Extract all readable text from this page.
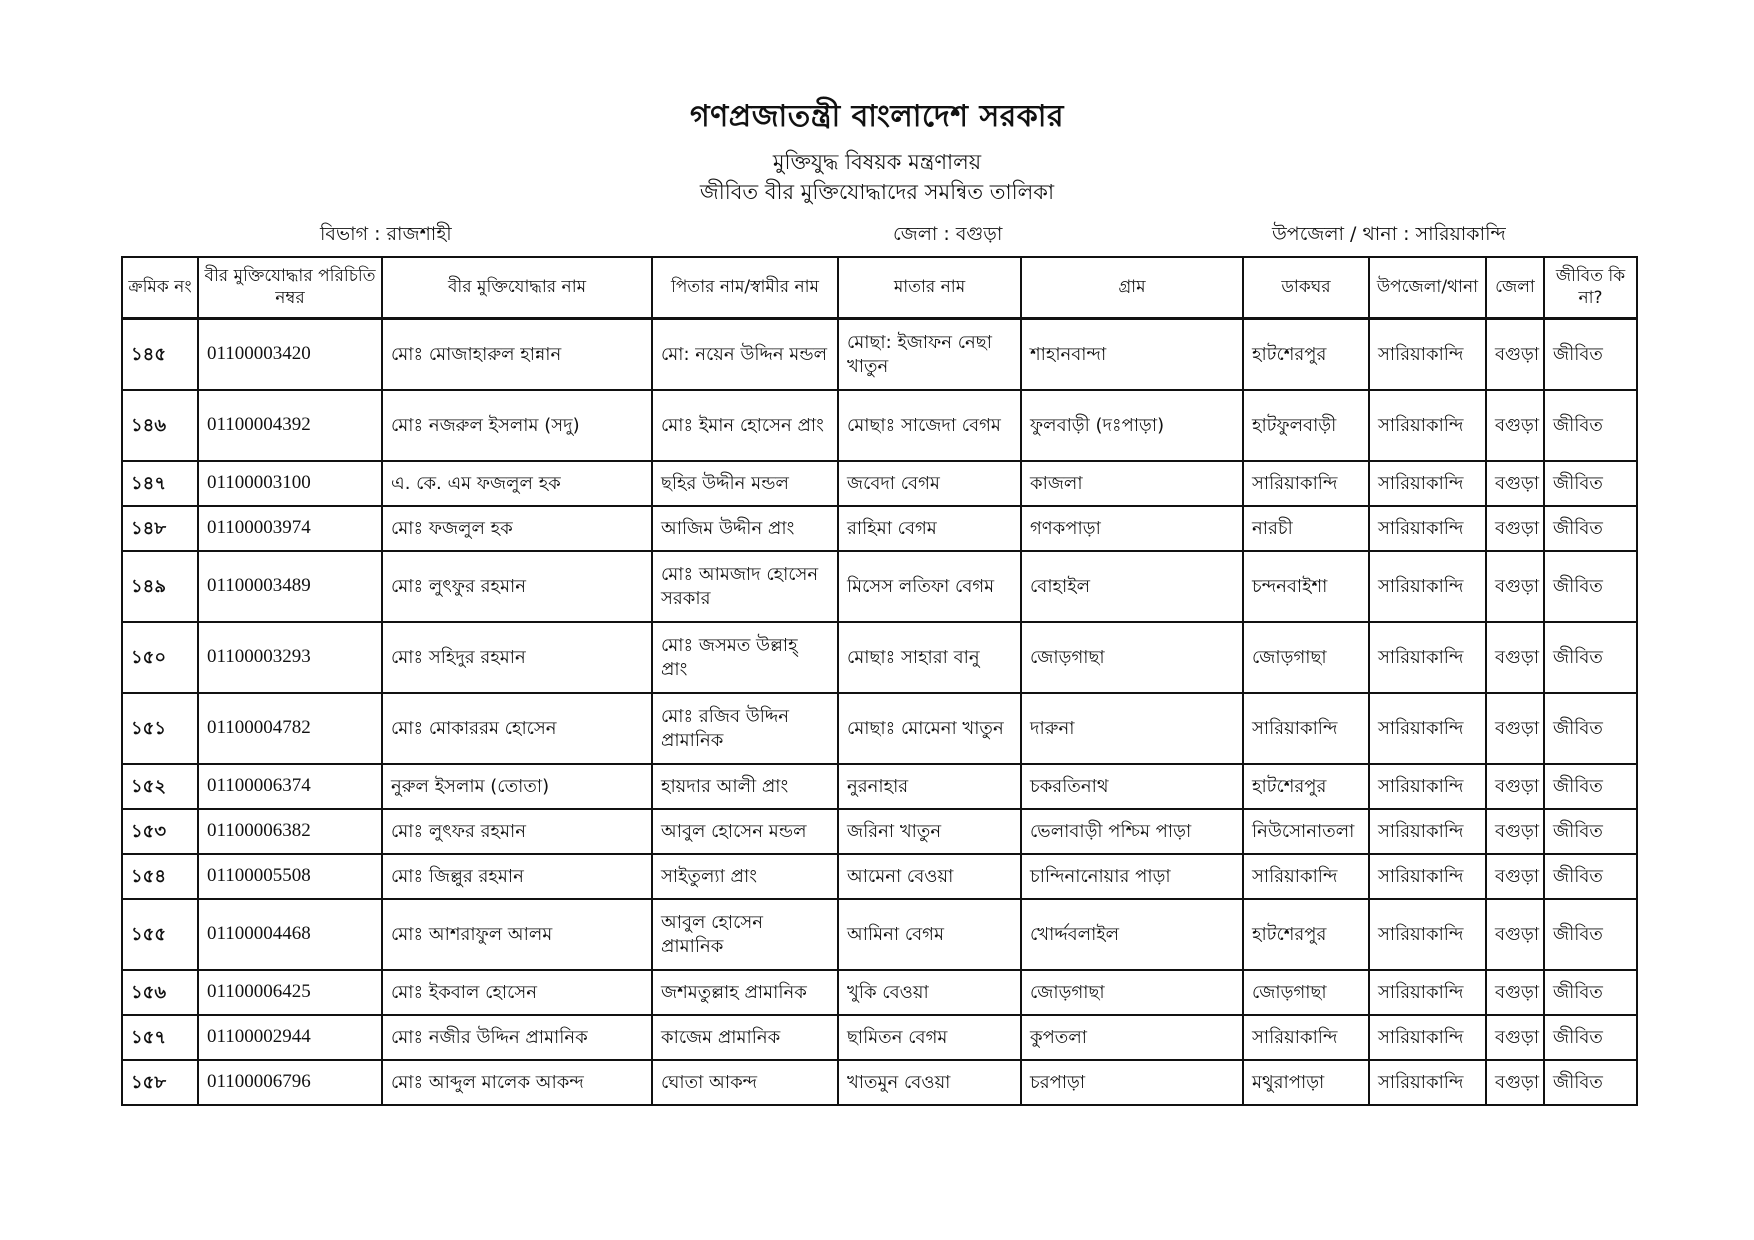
গণপ্রজাতন্ত্রী বাংলাদেশ সরকার
মুক্তিযুদ্ধ বিষয়ক মন্ত্রণালয়
জীবিত বীর মুক্তিযোদ্ধাদের সমন্বিত তালিকা
বিভাগ : রাজশাহী	জেলা : বগুড়া	উপজেলা / থানা : সারিয়াকান্দি
ক্রমিক নং	বীর মুক্তিযোদ্ধার পরিচিতি নম্বর	বীর মুক্তিযোদ্ধার নাম	পিতার নাম/স্বামীর নাম	মাতার নাম	গ্রাম	ডাকঘর	উপজেলা/থানা	জেলা	জীবিত কি না?
১৪৫	01100003420	মোঃ মোজাহারুল হান্নান	মো: নয়েন উদ্দিন মন্ডল	মোছা: ইজাফন নেছা খাতুন	শাহানবান্দা	হাটশেরপুর	সারিয়াকান্দি	বগুড়া	জীবিত
১৪৬	01100004392	মোঃ নজরুল ইসলাম (সদু)	মোঃ ইমান হোসেন প্রাং	মোছাঃ সাজেদা বেগম	ফুলবাড়ী (দঃপাড়া)	হাটফুলবাড়ী	সারিয়াকান্দি	বগুড়া	জীবিত
১৪৭	01100003100	এ. কে. এম ফজলুল হক	ছহির উদ্দীন মন্ডল	জবেদা বেগম	কাজলা	সারিয়াকান্দি	সারিয়াকান্দি	বগুড়া	জীবিত
১৪৮	01100003974	মোঃ ফজলুল হক	আজিম উদ্দীন প্রাং	রাহিমা বেগম	গণকপাড়া	নারচী	সারিয়াকান্দি	বগুড়া	জীবিত
১৪৯	01100003489	মোঃ লুৎফুর রহমান	মোঃ আমজাদ হোসেন সরকার	মিসেস লতিফা বেগম	বোহাইল	চন্দনবাইশা	সারিয়াকান্দি	বগুড়া	জীবিত
১৫০	01100003293	মোঃ সহিদুর রহমান	মোঃ জসমত উল্লাহ্ প্রাং	মোছাঃ সাহারা বানু	জোড়গাছা	জোড়গাছা	সারিয়াকান্দি	বগুড়া	জীবিত
১৫১	01100004782	মোঃ মোকাররম হোসেন	মোঃ রজিব উদ্দিন প্রামানিক	মোছাঃ মোমেনা খাতুন	দারুনা	সারিয়াকান্দি	সারিয়াকান্দি	বগুড়া	জীবিত
১৫২	01100006374	নুরুল ইসলাম (তোতা)	হায়দার আলী প্রাং	নুরনাহার	চকরতিনাথ	হাটশেরপুর	সারিয়াকান্দি	বগুড়া	জীবিত
১৫৩	01100006382	মোঃ লুৎফর রহমান	আবুল হোসেন মন্ডল	জরিনা খাতুন	ভেলাবাড়ী পশ্চিম পাড়া	নিউসোনাতলা	সারিয়াকান্দি	বগুড়া	জীবিত
১৫৪	01100005508	মোঃ জিল্লুর রহমান	সাইতুল্যা প্রাং	আমেনা বেওয়া	চান্দিনানোয়ার পাড়া	সারিয়াকান্দি	সারিয়াকান্দি	বগুড়া	জীবিত
১৫৫	01100004468	মোঃ আশরাফুল আলম	আবুল হোসেন প্রামানিক	আমিনা বেগম	খোর্দ্দবলাইল	হাটশেরপুর	সারিয়াকান্দি	বগুড়া	জীবিত
১৫৬	01100006425	মোঃ ইকবাল হোসেন	জশমতুল্লাহ প্রামানিক	খুকি বেওয়া	জোড়গাছা	জোড়গাছা	সারিয়াকান্দি	বগুড়া	জীবিত
১৫৭	01100002944	মোঃ নজীর উদ্দিন প্রামানিক	কাজেম প্রামানিক	ছামিতন বেগম	কুপতলা	সারিয়াকান্দি	সারিয়াকান্দি	বগুড়া	জীবিত
১৫৮	01100006796	মোঃ আব্দুল মালেক আকন্দ	ঘোতা আকন্দ	খাতমুন বেওয়া	চরপাড়া	মথুরাপাড়া	সারিয়াকান্দি	বগুড়া	জীবিত
